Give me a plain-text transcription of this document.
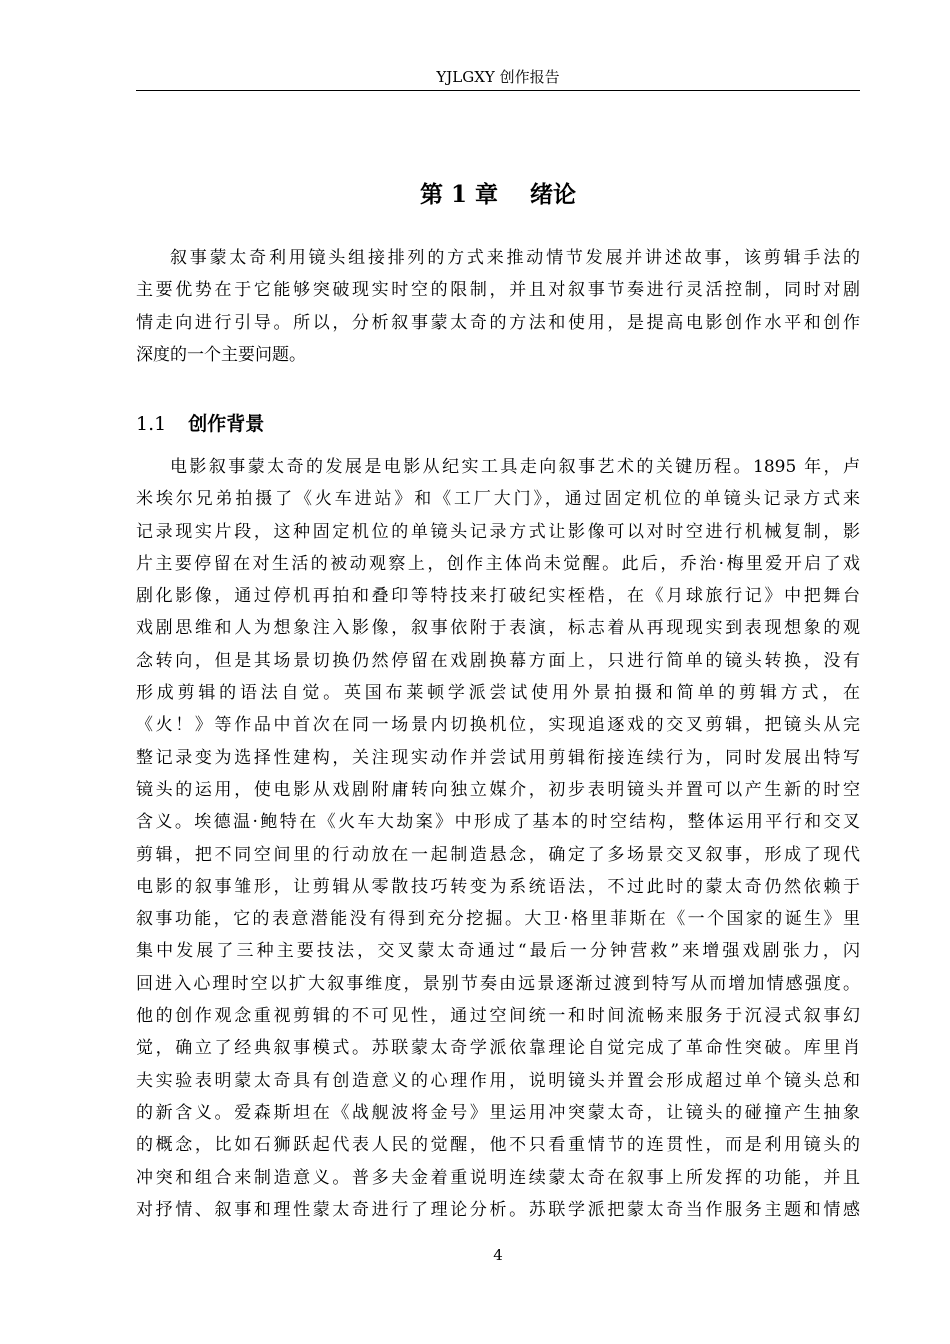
YJLGXY 创作报告
第 1 章    绪论
叙事蒙太奇利用镜头组接排列的方式来推动情节发展并讲述故事，该剪辑手法的
主要优势在于它能够突破现实时空的限制，并且对叙事节奏进行灵活控制，同时对剧
情走向进行引导。所以，分析叙事蒙太奇的方法和使用，是提高电影创作水平和创作
深度的一个主要问题。
1.1 创作背景
电影叙事蒙太奇的发展是电影从纪实工具走向叙事艺术的关键历程。1895 年，卢
米埃尔兄弟拍摄了《火车进站》和《工厂大门》，通过固定机位的单镜头记录方式来
记录现实片段，这种固定机位的单镜头记录方式让影像可以对时空进行机械复制，影
片主要停留在对生活的被动观察上，创作主体尚未觉醒。此后，乔治·梅里爱开启了戏
剧化影像，通过停机再拍和叠印等特技来打破纪实桎梏，在《月球旅行记》中把舞台
戏剧思维和人为想象注入影像，叙事依附于表演，标志着从再现现实到表现想象的观
念转向，但是其场景切换仍然停留在戏剧换幕方面上，只进行简单的镜头转换，没有
形成剪辑的语法自觉。英国布莱顿学派尝试使用外景拍摄和简单的剪辑方式，在
《火！》等作品中首次在同一场景内切换机位，实现追逐戏的交叉剪辑，把镜头从完
整记录变为选择性建构，关注现实动作并尝试用剪辑衔接连续行为，同时发展出特写
镜头的运用，使电影从戏剧附庸转向独立媒介，初步表明镜头并置可以产生新的时空
含义。埃德温·鲍特在《火车大劫案》中形成了基本的时空结构，整体运用平行和交叉
剪辑，把不同空间里的行动放在一起制造悬念，确定了多场景交叉叙事，形成了现代
电影的叙事雏形，让剪辑从零散技巧转变为系统语法，不过此时的蒙太奇仍然依赖于
叙事功能，它的表意潜能没有得到充分挖掘。大卫·格里菲斯在《一个国家的诞生》里
集中发展了三种主要技法，交叉蒙太奇通过“最后一分钟营救”来增强戏剧张力，闪
回进入心理时空以扩大叙事维度，景别节奏由远景逐渐过渡到特写从而增加情感强度。
他的创作观念重视剪辑的不可见性，通过空间统一和时间流畅来服务于沉浸式叙事幻
觉，确立了经典叙事模式。苏联蒙太奇学派依靠理论自觉完成了革命性突破。库里肖
夫实验表明蒙太奇具有创造意义的心理作用，说明镜头并置会形成超过单个镜头总和
的新含义。爱森斯坦在《战舰波将金号》里运用冲突蒙太奇，让镜头的碰撞产生抽象
的概念，比如石狮跃起代表人民的觉醒，他不只看重情节的连贯性，而是利用镜头的
冲突和组合来制造意义。普多夫金着重说明连续蒙太奇在叙事上所发挥的功能，并且
对抒情、叙事和理性蒙太奇进行了理论分析。苏联学派把蒙太奇当作服务主题和情感
4
